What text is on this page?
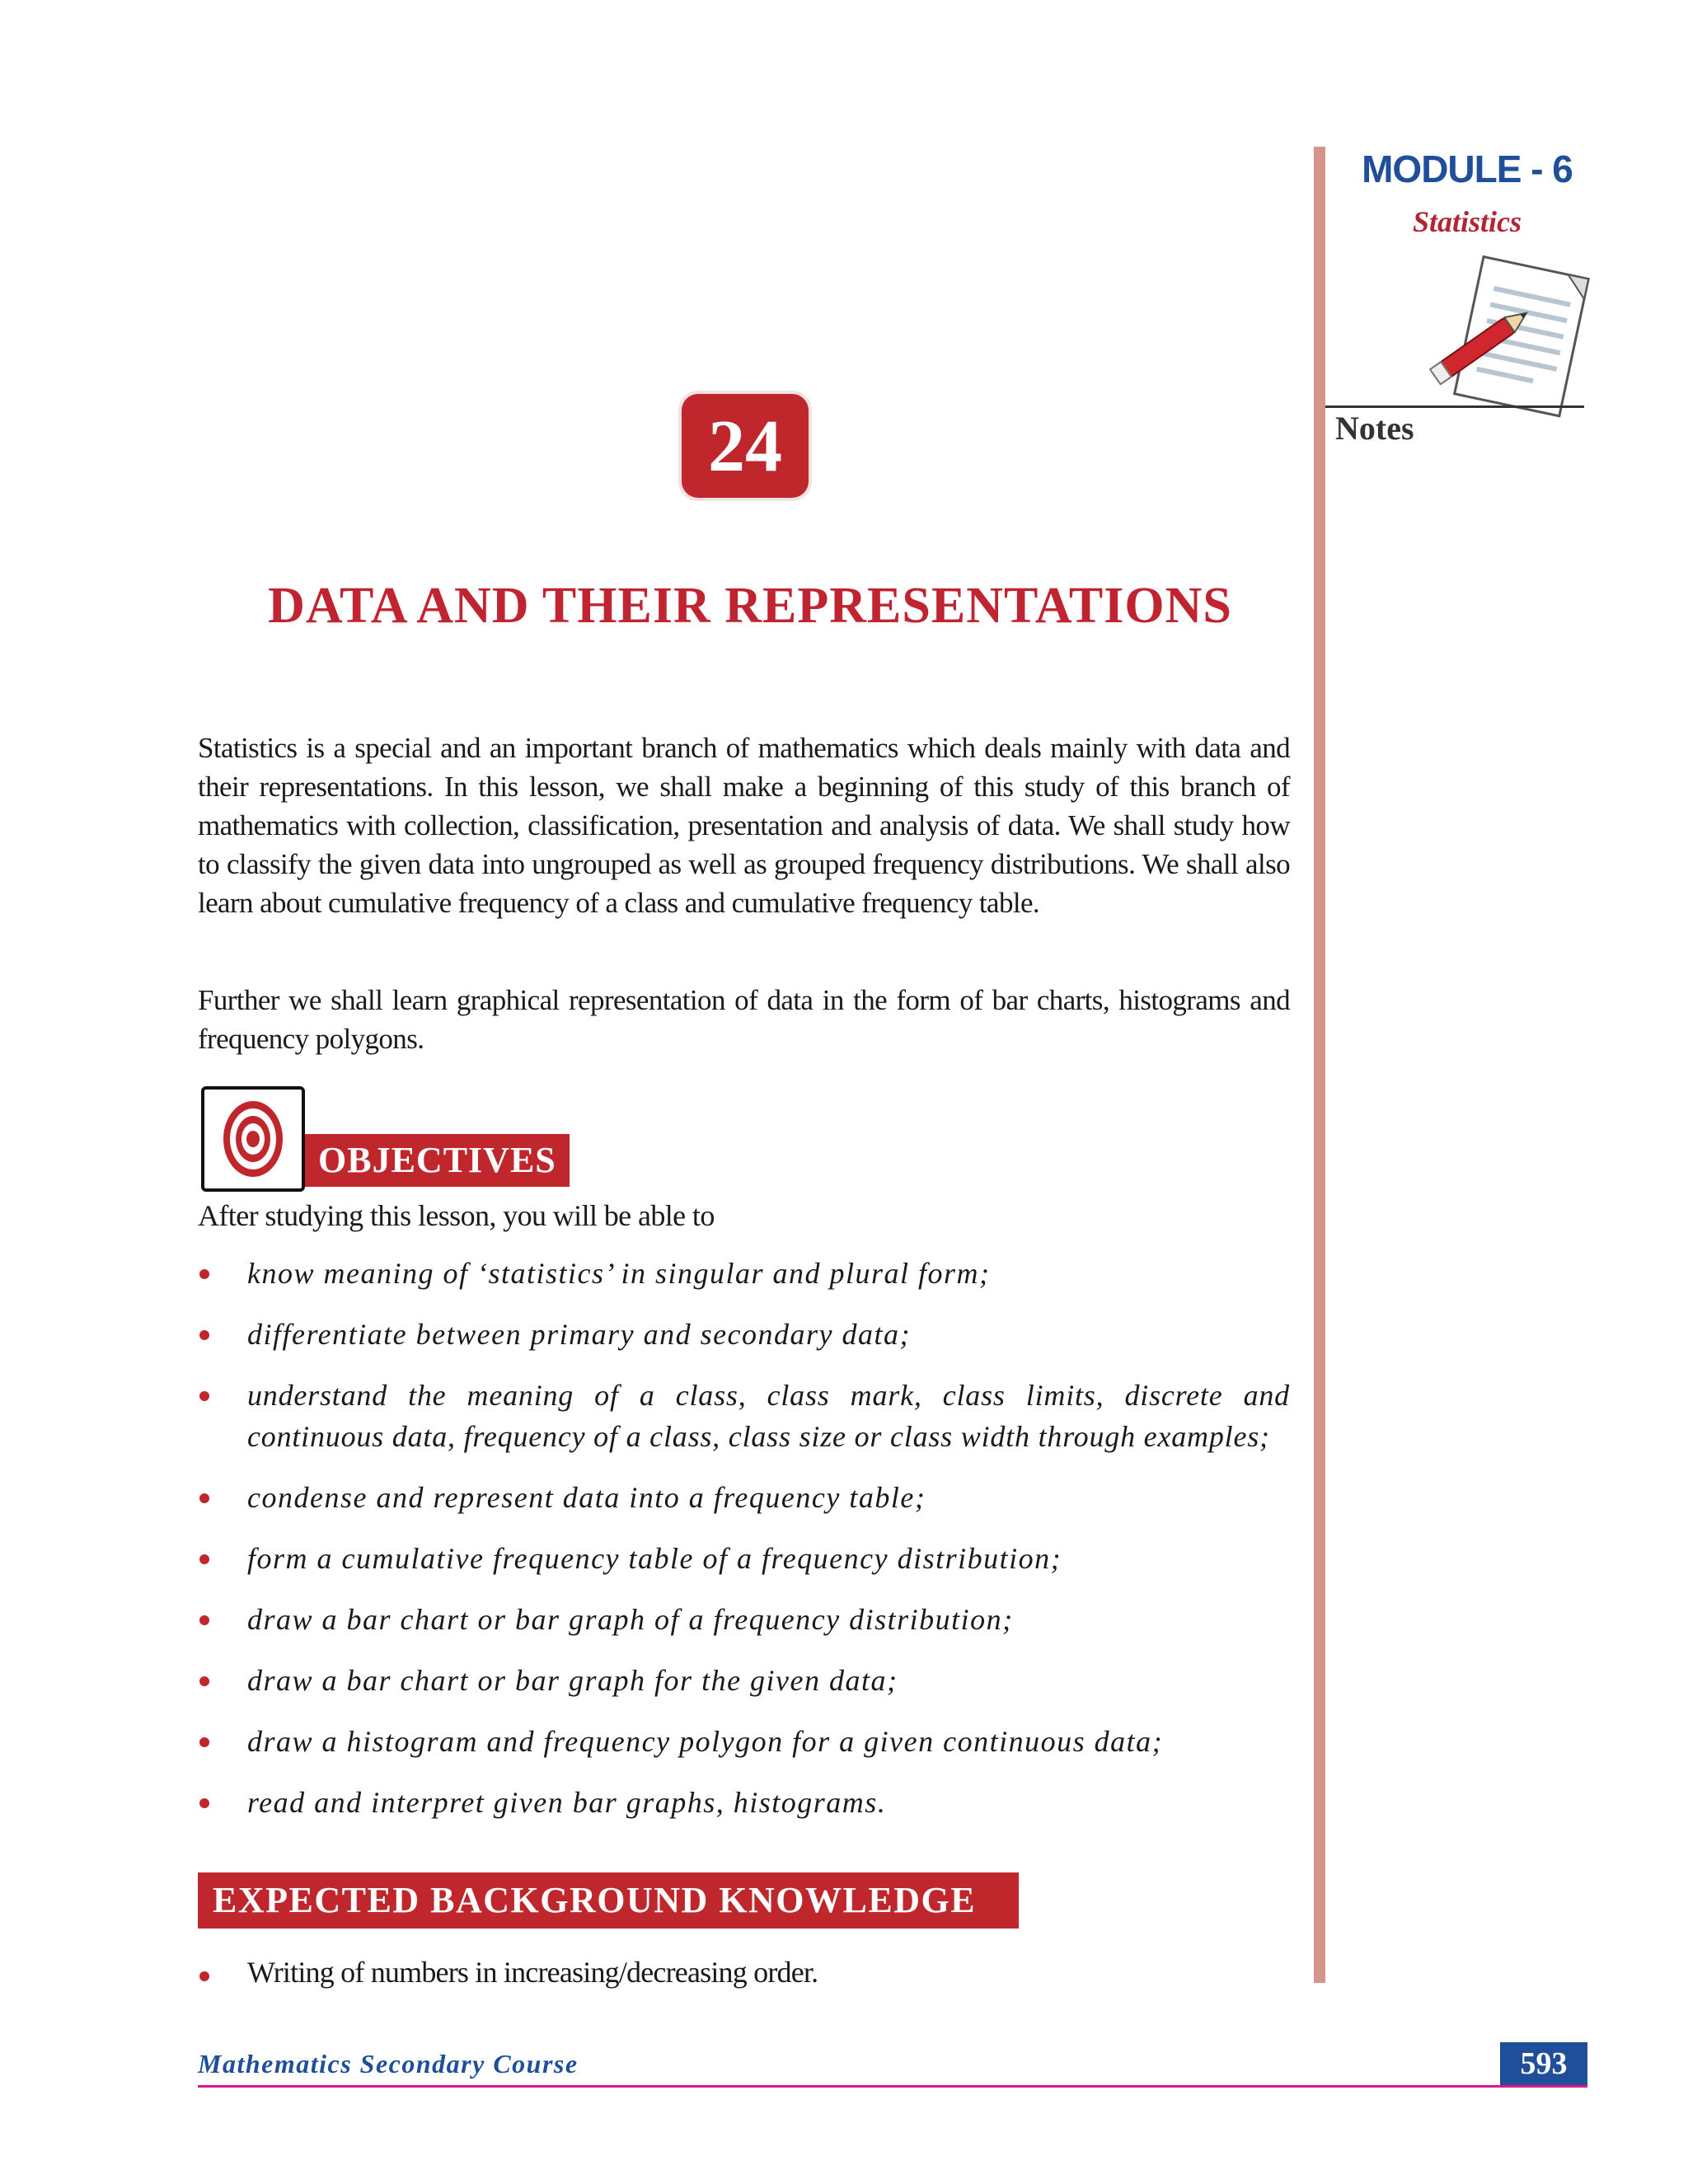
MODULE - 6
Statistics
Notes
24
DATA AND THEIR REPRESENTATIONS
Statistics is a special and an important branch of mathematics which deals mainly with data and their representations. In this lesson, we shall make a beginning of this study of this branch of mathematics with collection, classification, presentation and analysis of data. We shall study how to classify the given data into ungrouped as well as grouped frequency distributions. We shall also learn about cumulative frequency of a class and cumulative frequency table.
Further we shall learn graphical representation of data in the form of bar charts, histograms and frequency polygons.
OBJECTIVES
After studying this lesson, you will be able to
know meaning of ‘statistics’ in singular and plural form;
differentiate between primary and secondary data;
understand the meaning of a class, class mark, class limits, discrete and continuous data, frequency of a class, class size or class width through examples;
condense and represent data into a frequency table;
form a cumulative frequency table of a frequency distribution;
draw a bar chart or bar graph of a frequency distribution;
draw a bar chart or bar graph for the given data;
draw a histogram and frequency polygon for a given continuous data;
read and interpret given bar graphs, histograms.
EXPECTED BACKGROUND KNOWLEDGE
Writing of numbers in increasing/decreasing order.
Mathematics Secondary Course	593
